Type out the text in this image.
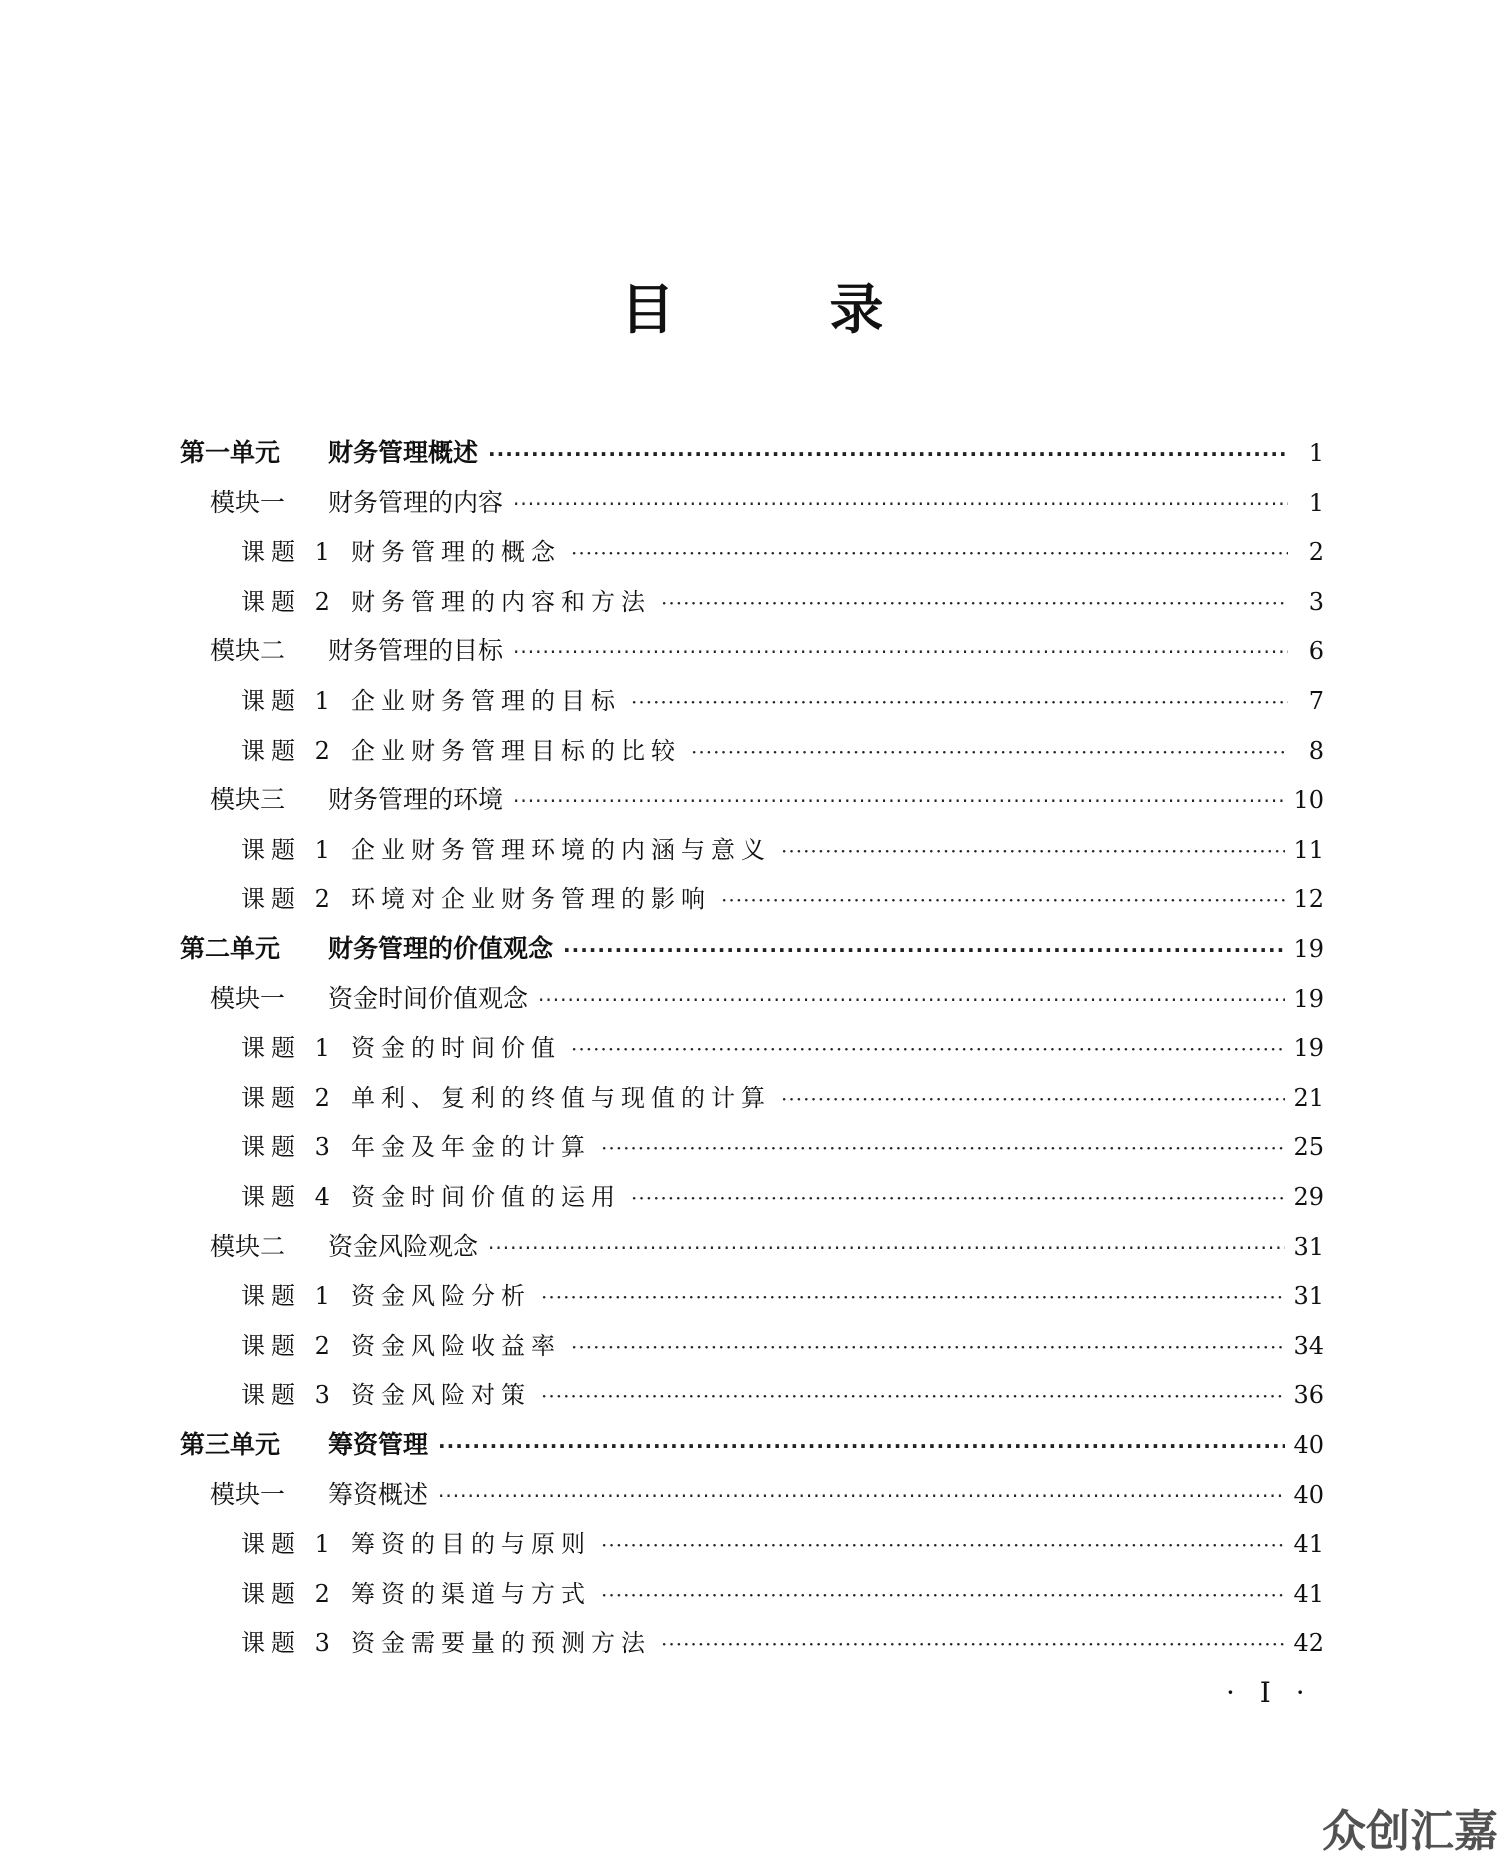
目	录
第一单元	财务管理概述 ·····	1
模块一	财务管理的内容 ·····	1
课题 1 财务管理的概念 ·····	2
课题 2 财务管理的内容和方法 ·····	3
模块二	财务管理的目标 ·····	6
课题 1 企业财务管理的目标 ·····	7
课题 2 企业财务管理目标的比较 ·····	8
模块三	财务管理的环境 ·····	10
课题 1 企业财务管理环境的内涵与意义 ·····	11
课题 2 环境对企业财务管理的影响 ·····	12
第二单元	财务管理的价值观念 ·····	19
模块一	资金时间价值观念 ·····	19
课题 1 资金的时间价值 ·····	19
课题 2 单利、复利的终值与现值的计算 ·····	21
课题 3 年金及年金的计算 ·····	25
课题 4 资金时间价值的运用 ·····	29
模块二	资金风险观念 ·····	31
课题 1 资金风险分析 ·····	31
课题 2 资金风险收益率 ·····	34
课题 3 资金风险对策 ·····	36
第三单元	筹资管理 ·····	40
模块一	筹资概述 ·····	40
课题 1 筹资的目的与原则 ·····	41
课题 2 筹资的渠道与方式 ·····	41
课题 3 资金需要量的预测方法 ·····	42
· Ⅰ ·
众创汇嘉
